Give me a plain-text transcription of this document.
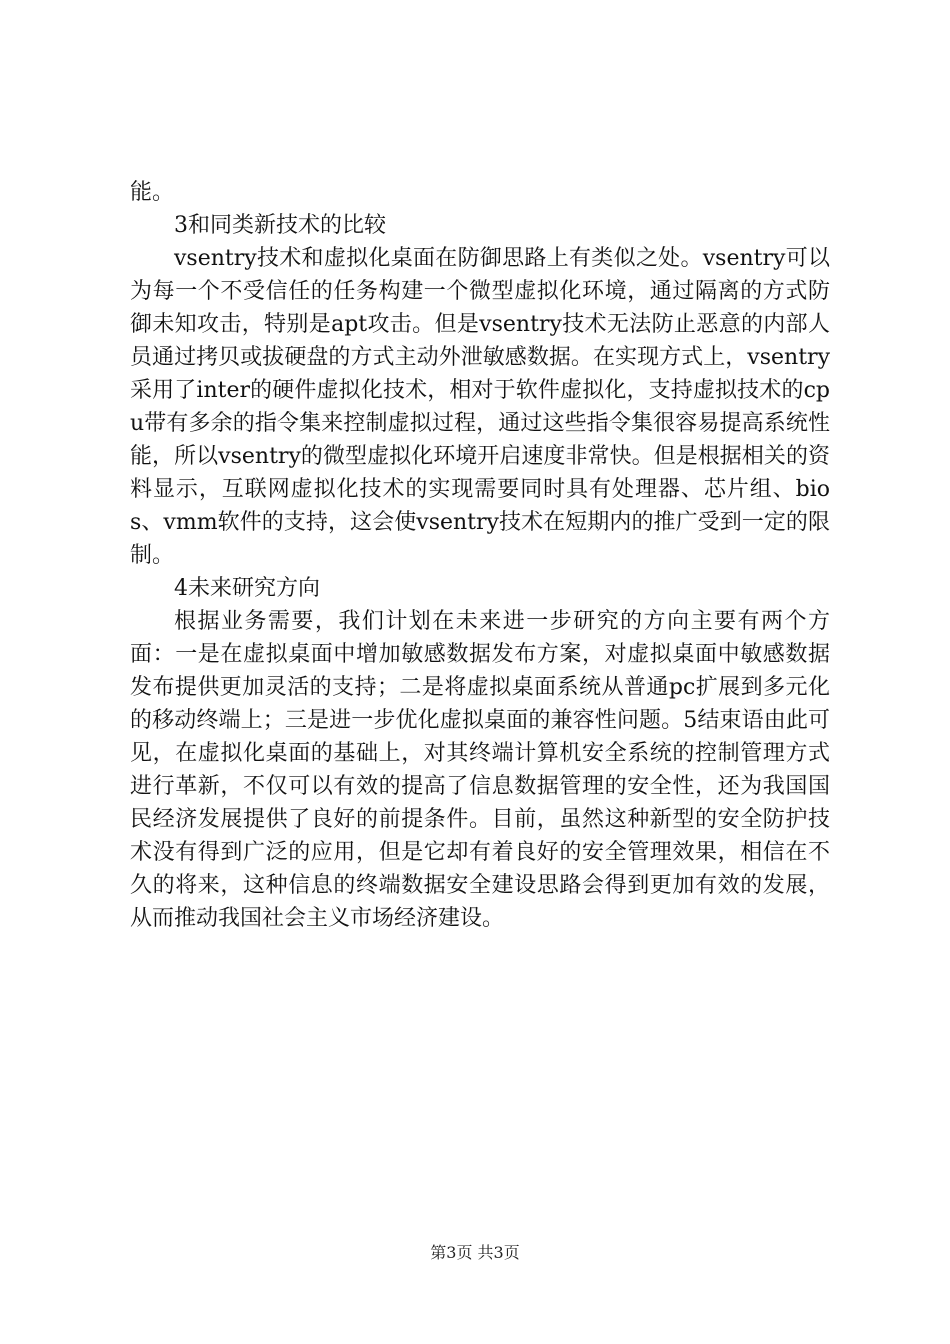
能。

3和同类新技术的比较

vsentry技术和虚拟化桌面在防御思路上有类似之处。vsentry可以为每一个不受信任的任务构建一个微型虚拟化环境，通过隔离的方式防御未知攻击，特别是apt攻击。但是vsentry技术无法防止恶意的内部人员通过拷贝或拔硬盘的方式主动外泄敏感数据。在实现方式上，vsentry采用了inter的硬件虚拟化技术，相对于软件虚拟化，支持虚拟技术的cpu带有多余的指令集来控制虚拟过程，通过这些指令集很容易提高系统性能，所以vsentry的微型虚拟化环境开启速度非常快。但是根据相关的资料显示，互联网虚拟化技术的实现需要同时具有处理器、芯片组、bios、vmm软件的支持，这会使vsentry技术在短期内的推广受到一定的限制。

4未来研究方向

根据业务需要，我们计划在未来进一步研究的方向主要有两个方面：一是在虚拟桌面中增加敏感数据发布方案，对虚拟桌面中敏感数据发布提供更加灵活的支持；二是将虚拟桌面系统从普通pc扩展到多元化的移动终端上；三是进一步优化虚拟桌面的兼容性问题。5结束语由此可见，在虚拟化桌面的基础上，对其终端计算机安全系统的控制管理方式进行革新，不仅可以有效的提高了信息数据管理的安全性，还为我国国民经济发展提供了良好的前提条件。目前，虽然这种新型的安全防护技术没有得到广泛的应用，但是它却有着良好的安全管理效果，相信在不久的将来，这种信息的终端数据安全建设思路会得到更加有效的发展，从而推动我国社会主义市场经济建设。

第3页 共3页
